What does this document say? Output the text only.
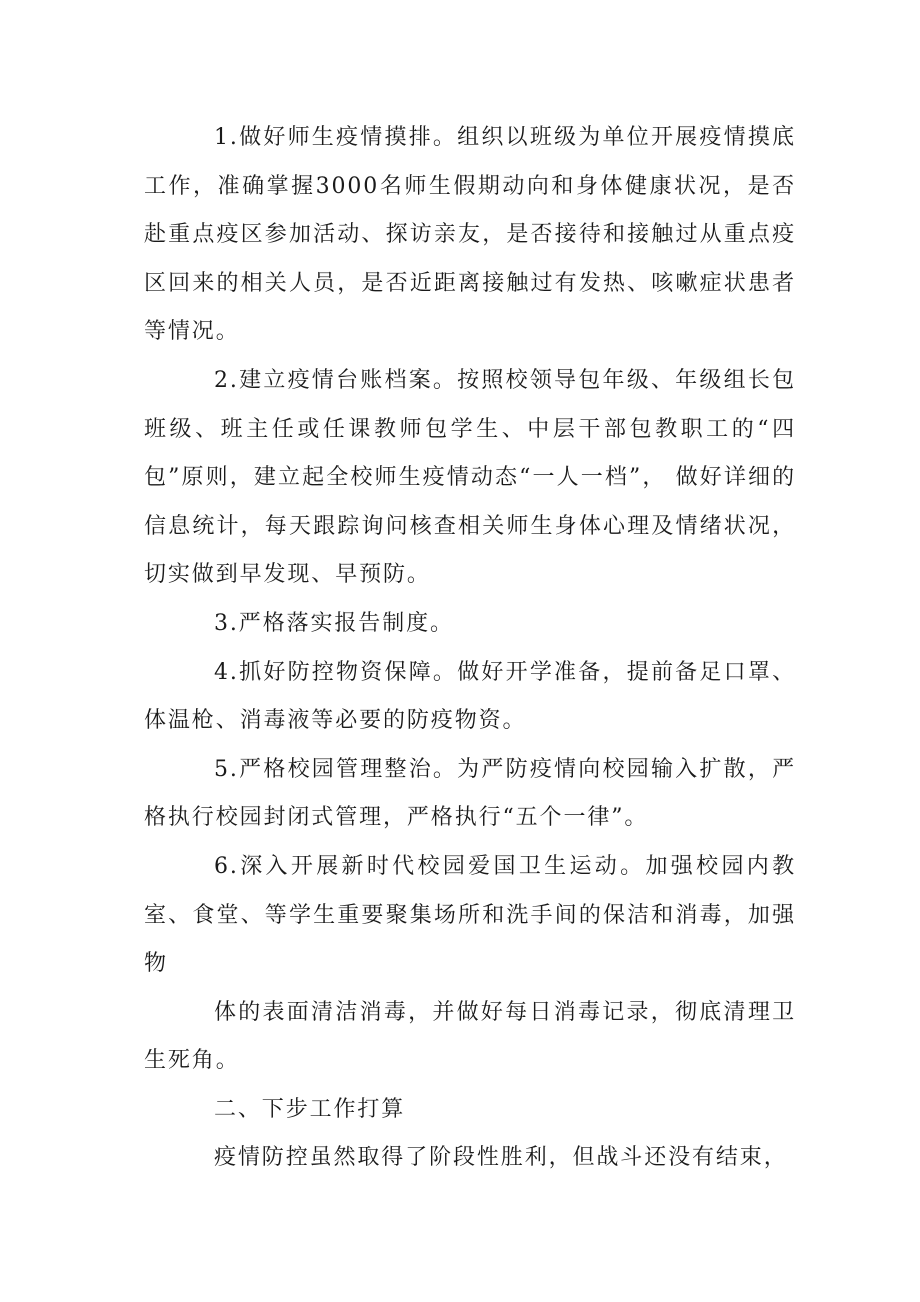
1.做好师生疫情摸排。组织以班级为单位开展疫情摸底工作，准确掌握3000名师生假期动向和身体健康状况，是否赴重点疫区参加活动、探访亲友，是否接待和接触过从重点疫区回来的相关人员，是否近距离接触过有发热、咳嗽症状患者等情况。

2.建立疫情台账档案。按照校领导包年级、年级组长包班级、班主任或任课教师包学生、中层干部包教职工的“四包”原则，建立起全校师生疫情动态“一人一档”， 做好详细的信息统计，每天跟踪询问核查相关师生身体心理及情绪状况，切实做到早发现、早预防。

3.严格落实报告制度。

4.抓好防控物资保障。做好开学准备，提前备足口罩、体温枪、消毒液等必要的防疫物资。

5.严格校园管理整治。为严防疫情向校园输入扩散，严格执行校园封闭式管理，严格执行“五个一律”。

6.深入开展新时代校园爱国卫生运动。加强校园内教室、食堂、等学生重要聚集场所和洗手间的保洁和消毒，加强物

体的表面清洁消毒，并做好每日消毒记录，彻底清理卫生死角。

二、下步工作打算

疫情防控虽然取得了阶段性胜利，但战斗还没有结束，
